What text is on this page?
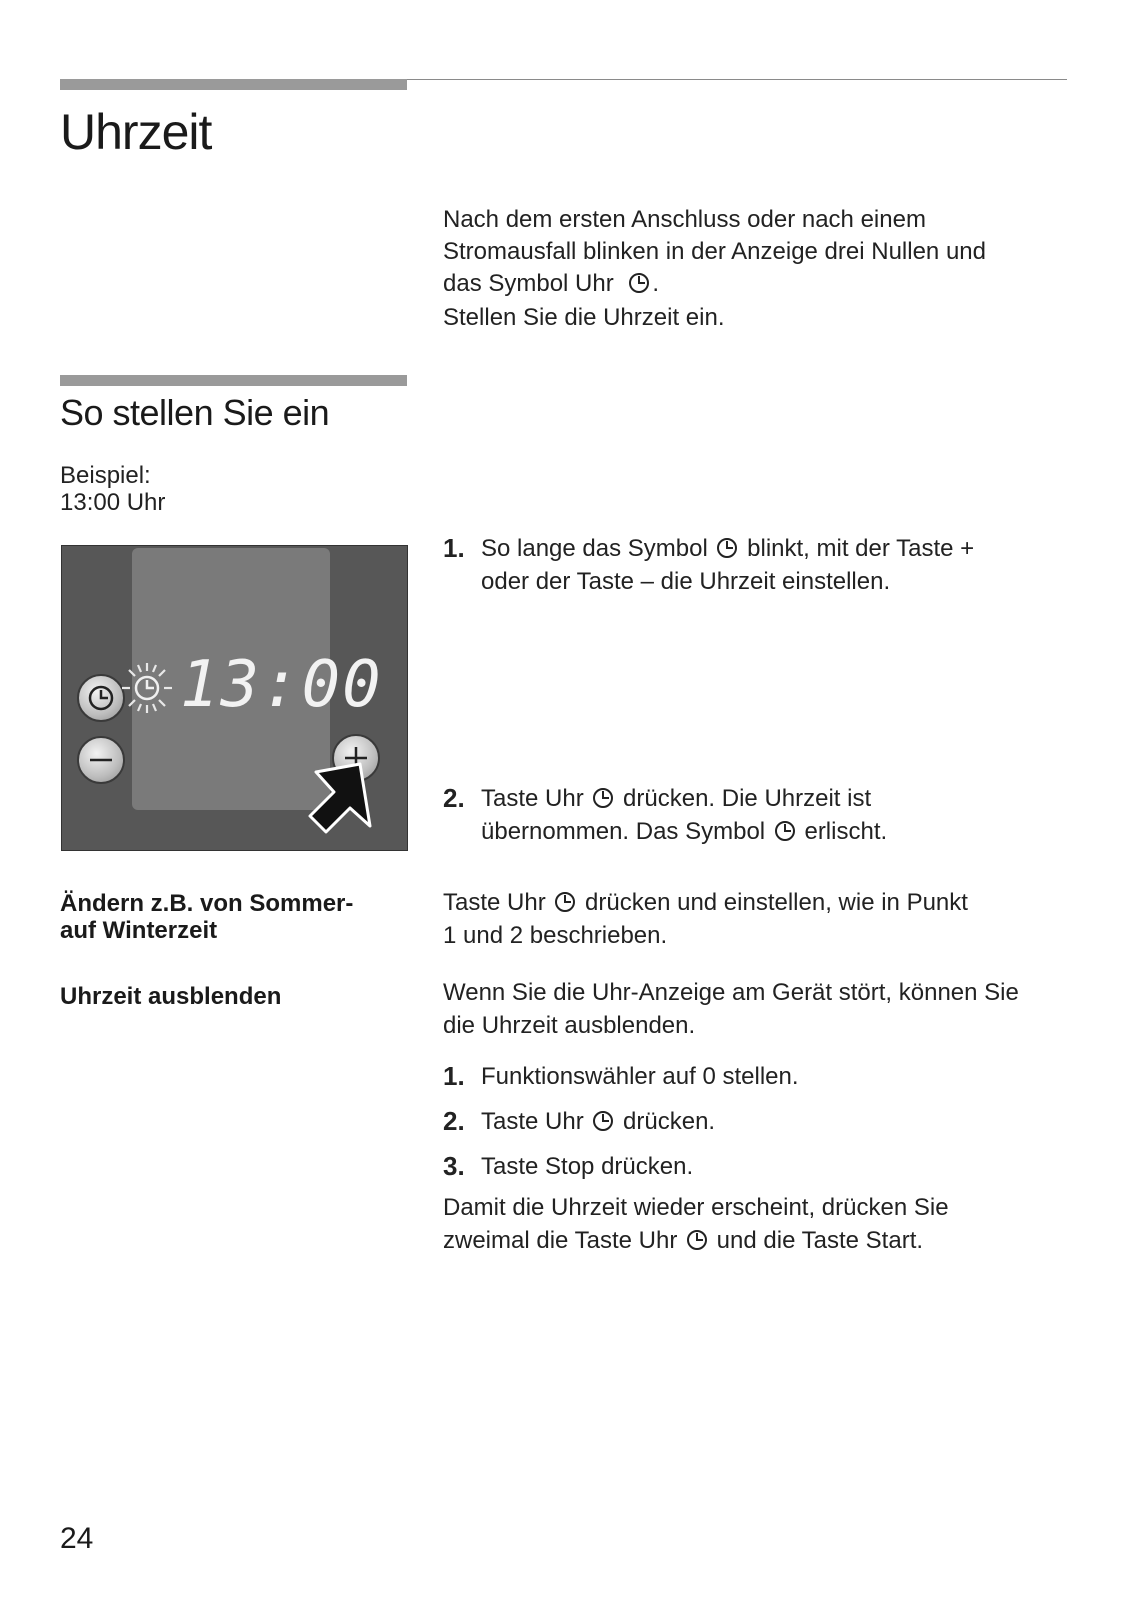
Uhrzeit
Nach dem ersten Anschluss oder nach einem
Stromausfall blinken in der Anzeige drei Nullen und
das Symbol Uhr .
Stellen Sie die Uhrzeit ein.
So stellen Sie ein
Beispiel:
13:00 Uhr
13:00
1. So lange das Symbol blinkt, mit der Taste +
oder der Taste – die Uhrzeit einstellen.
2. Taste Uhr drücken. Die Uhrzeit ist
übernommen. Das Symbol erlischt.
Ändern z.B. von Sommer-
auf Winterzeit
Taste Uhr drücken und einstellen, wie in Punkt
1 und 2 beschrieben.
Uhrzeit ausblenden	Wenn Sie die Uhr-Anzeige am Gerät stört, können Sie
die Uhrzeit ausblenden.
1. Funktionswähler auf 0 stellen.
2. Taste Uhr drücken.
3. Taste Stop drücken.
Damit die Uhrzeit wieder erscheint, drücken Sie
zweimal die Taste Uhr und die Taste Start.
24
